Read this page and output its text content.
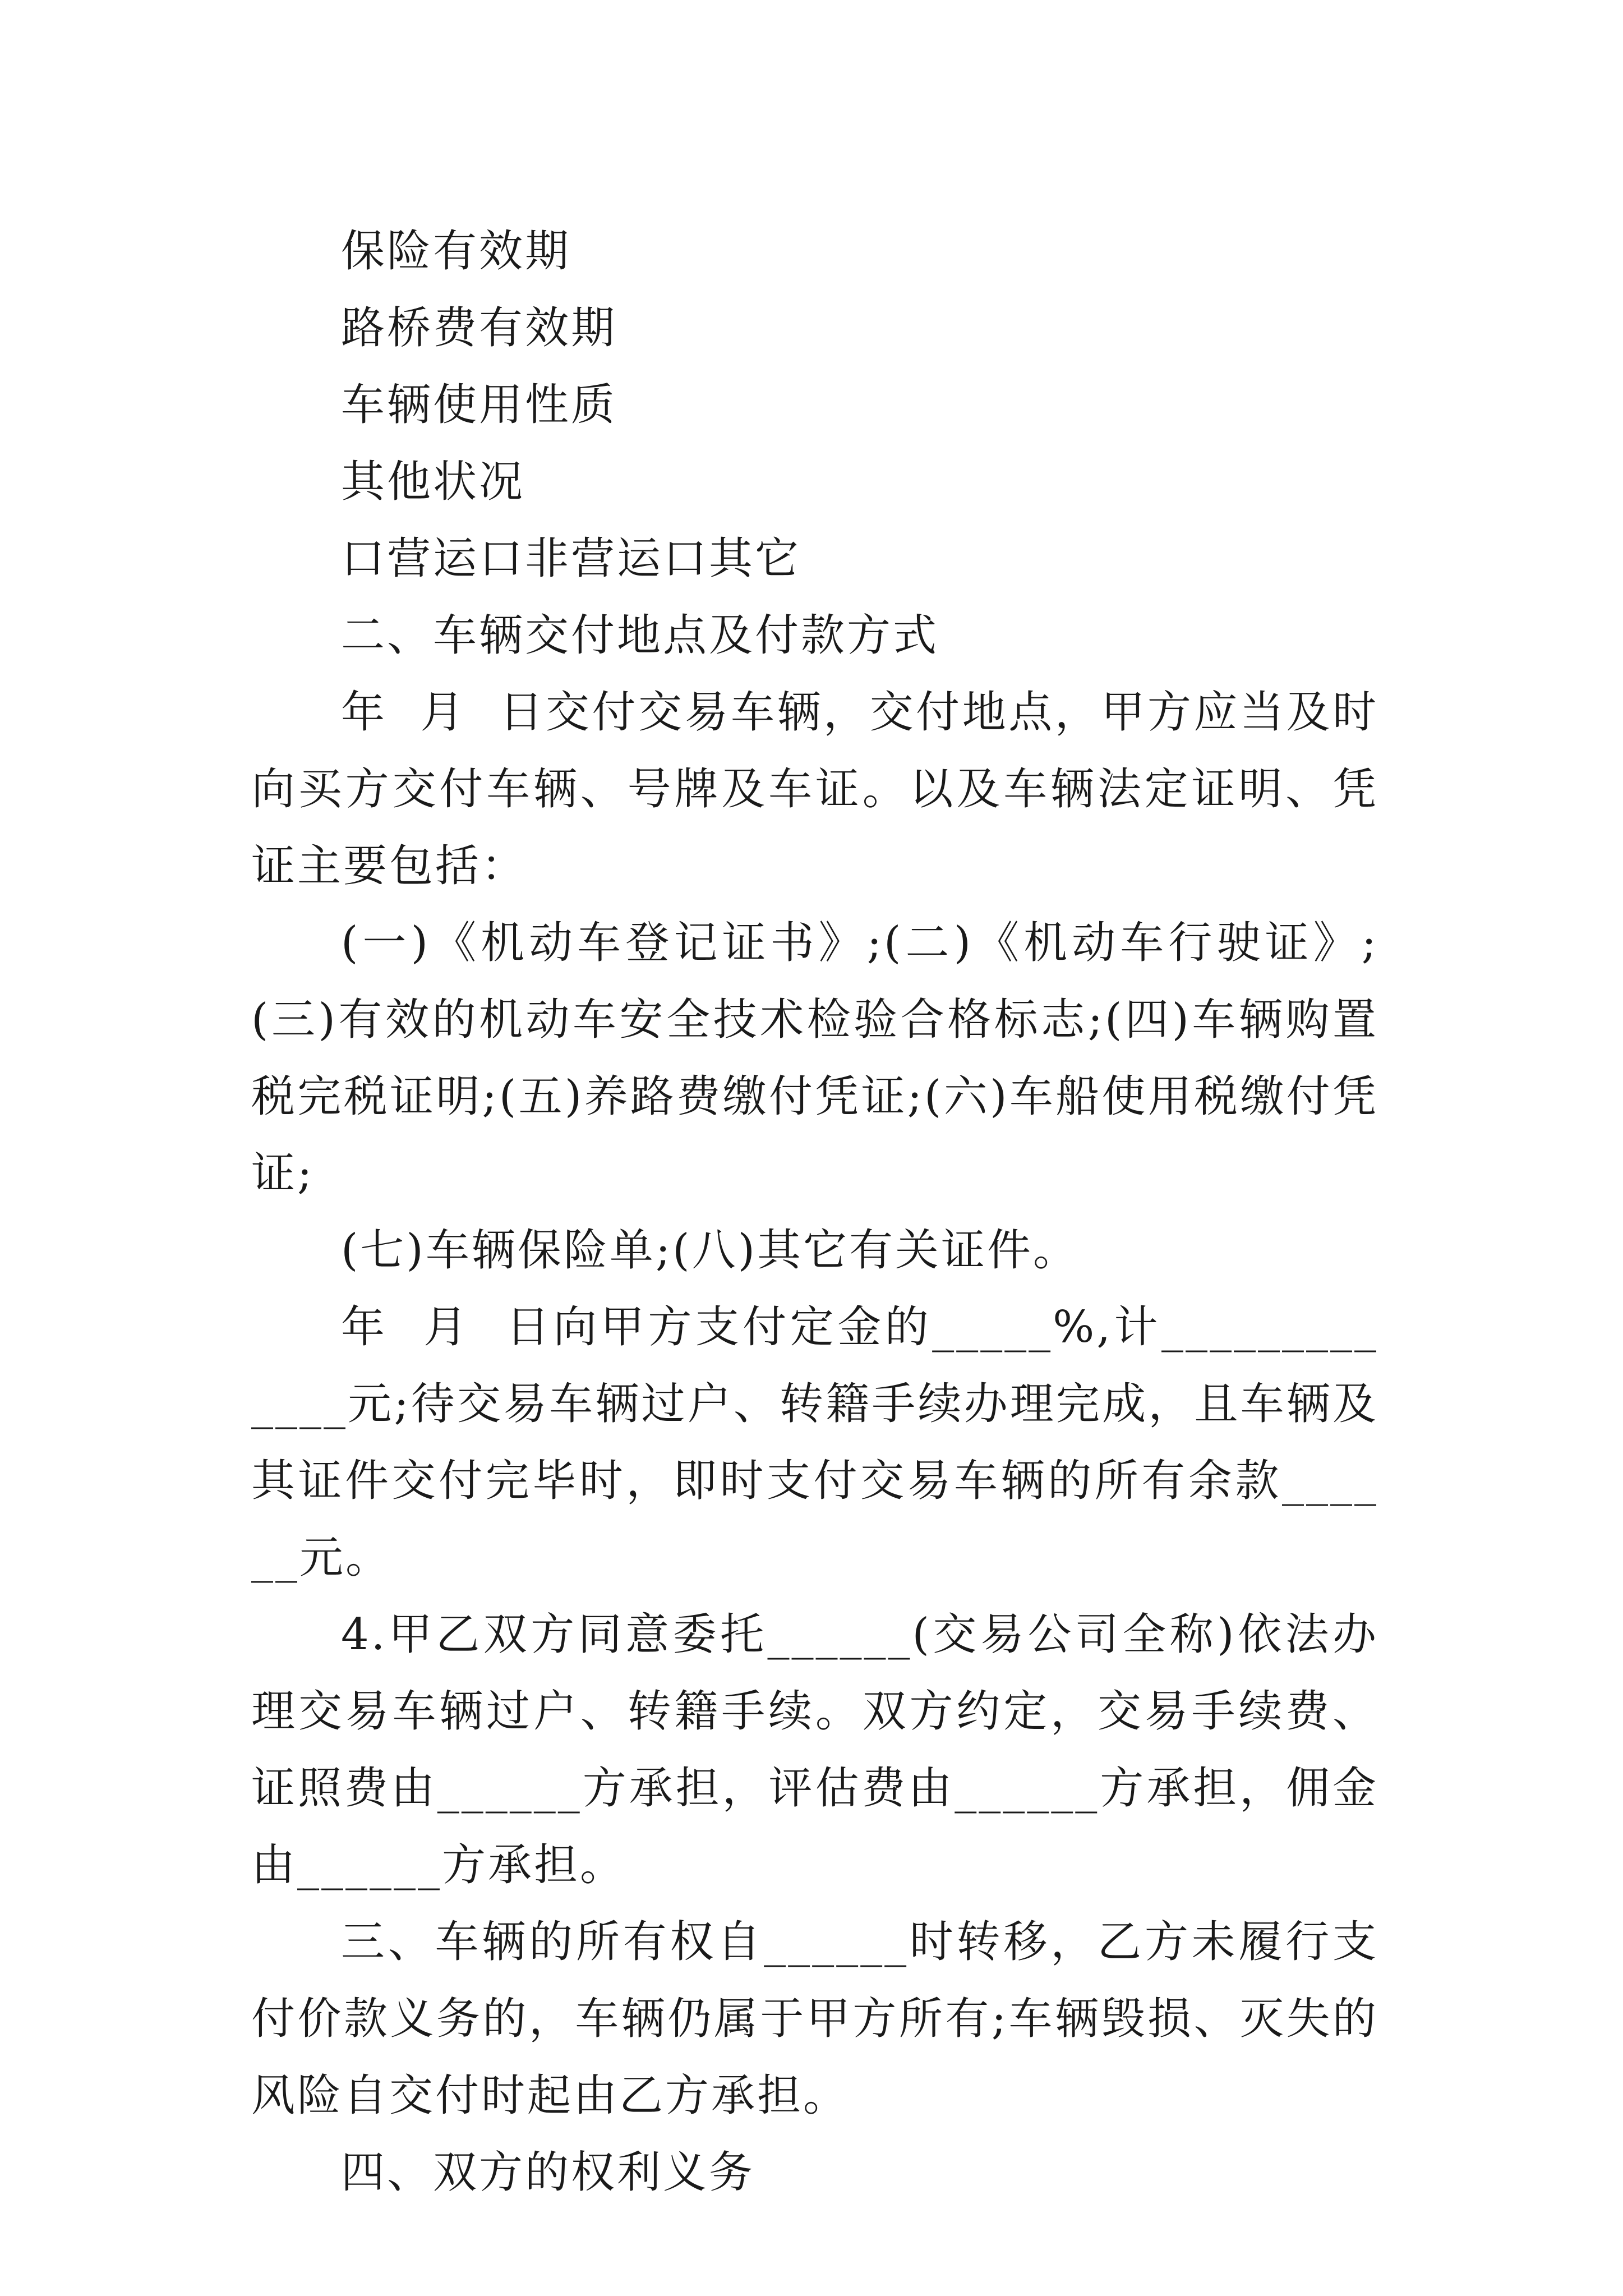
保险有效期

路桥费有效期

车辆使用性质

其他状况

口营运口非营运口其它

二、车辆交付地点及付款方式

年  月  日交付交易车辆，交付地点，甲方应当及时向买方交付车辆、号牌及车证。以及车辆法定证明、凭证主要包括：

(一)《机动车登记证书》;(二)《机动车行驶证》;(三)有效的机动车安全技术检验合格标志;(四)车辆购置税完税证明;(五)养路费缴付凭证;(六)车船使用税缴付凭证;

(七)车辆保险单;(八)其它有关证件。

年  月  日向甲方支付定金的_____%,计_____________元;待交易车辆过户、转籍手续办理完成，且车辆及其证件交付完毕时，即时支付交易车辆的所有余款______元。

4.甲乙双方同意委托______(交易公司全称)依法办理交易车辆过户、转籍手续。双方约定，交易手续费、证照费由______方承担，评估费由______方承担，佣金由______方承担。

三、车辆的所有权自______时转移，乙方未履行支付价款义务的，车辆仍属于甲方所有;车辆毁损、灭失的风险自交付时起由乙方承担。

四、双方的权利义务
